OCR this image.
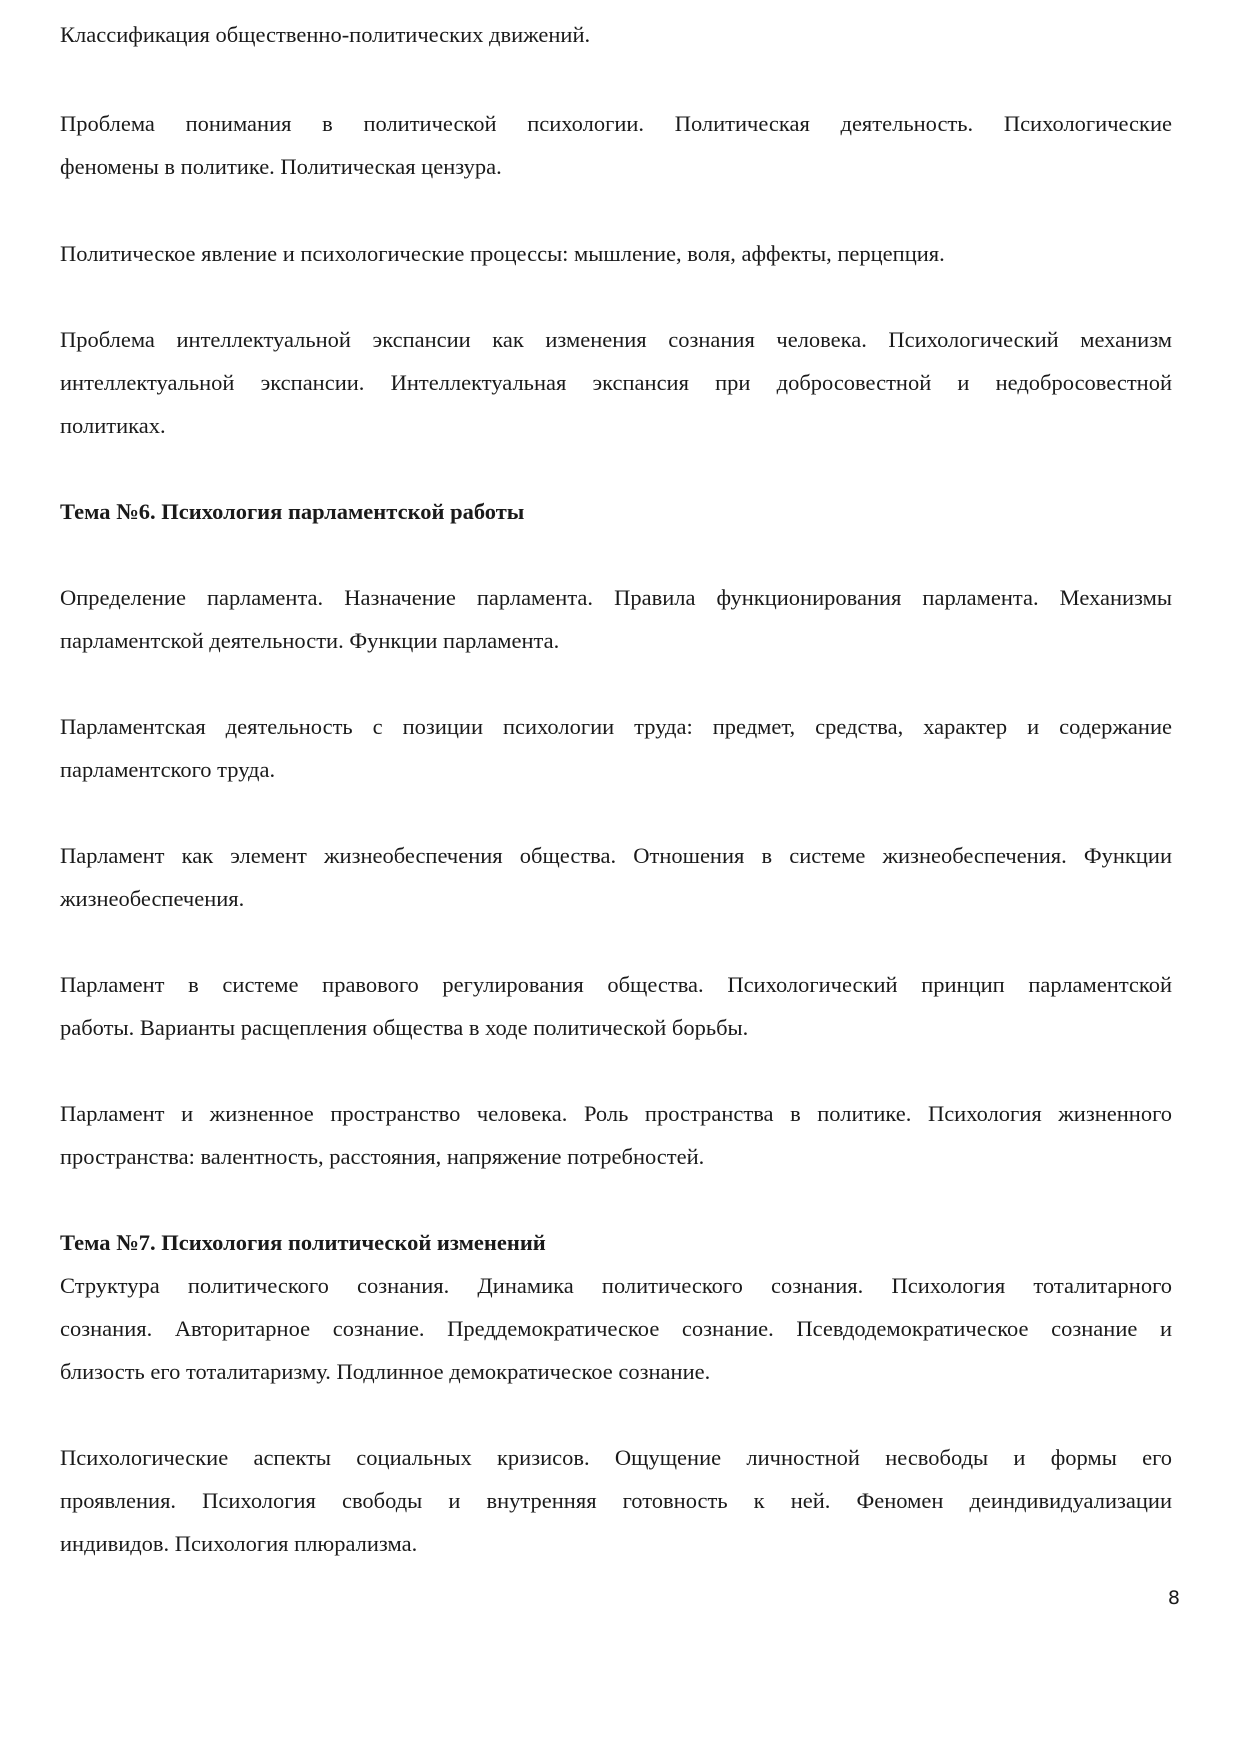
Классификация общественно-политических движений.
Проблема понимания в политической психологии. Политическая деятельность. Психологические
феномены в политике. Политическая цензура.
Политическое явление и психологические процессы: мышление, воля, аффекты, перцепция.
Проблема интеллектуальной экспансии как изменения сознания человека. Психологический механизм
интеллектуальной экспансии. Интеллектуальная экспансия при добросовестной и недобросовестной
политиках.
Тема №6. Психология парламентской работы
Определение парламента. Назначение парламента. Правила функционирования парламента. Механизмы
парламентской деятельности. Функции парламента.
Парламентская деятельность с позиции психологии труда: предмет, средства, характер и содержание
парламентского труда.
Парламент как элемент жизнеобеспечения общества. Отношения в системе жизнеобеспечения. Функции
жизнеобеспечения.
Парламент в системе правового регулирования общества. Психологический принцип парламентской
работы. Варианты расщепления общества в ходе политической борьбы.
Парламент и жизненное пространство человека. Роль пространства в политике. Психология жизненного
пространства: валентность, расстояния, напряжение потребностей.
Тема №7. Психология политической изменений
Структура политического сознания. Динамика политического сознания. Психология тоталитарного
сознания. Авторитарное сознание. Преддемократическое сознание. Псевдодемократическое сознание и
близость его тоталитаризму. Подлинное демократическое сознание.
Психологические аспекты социальных кризисов. Ощущение личностной несвободы и формы его
проявления. Психология свободы и внутренняя готовность к ней. Феномен деиндивидуализации
индивидов. Психология плюрализма.
8
